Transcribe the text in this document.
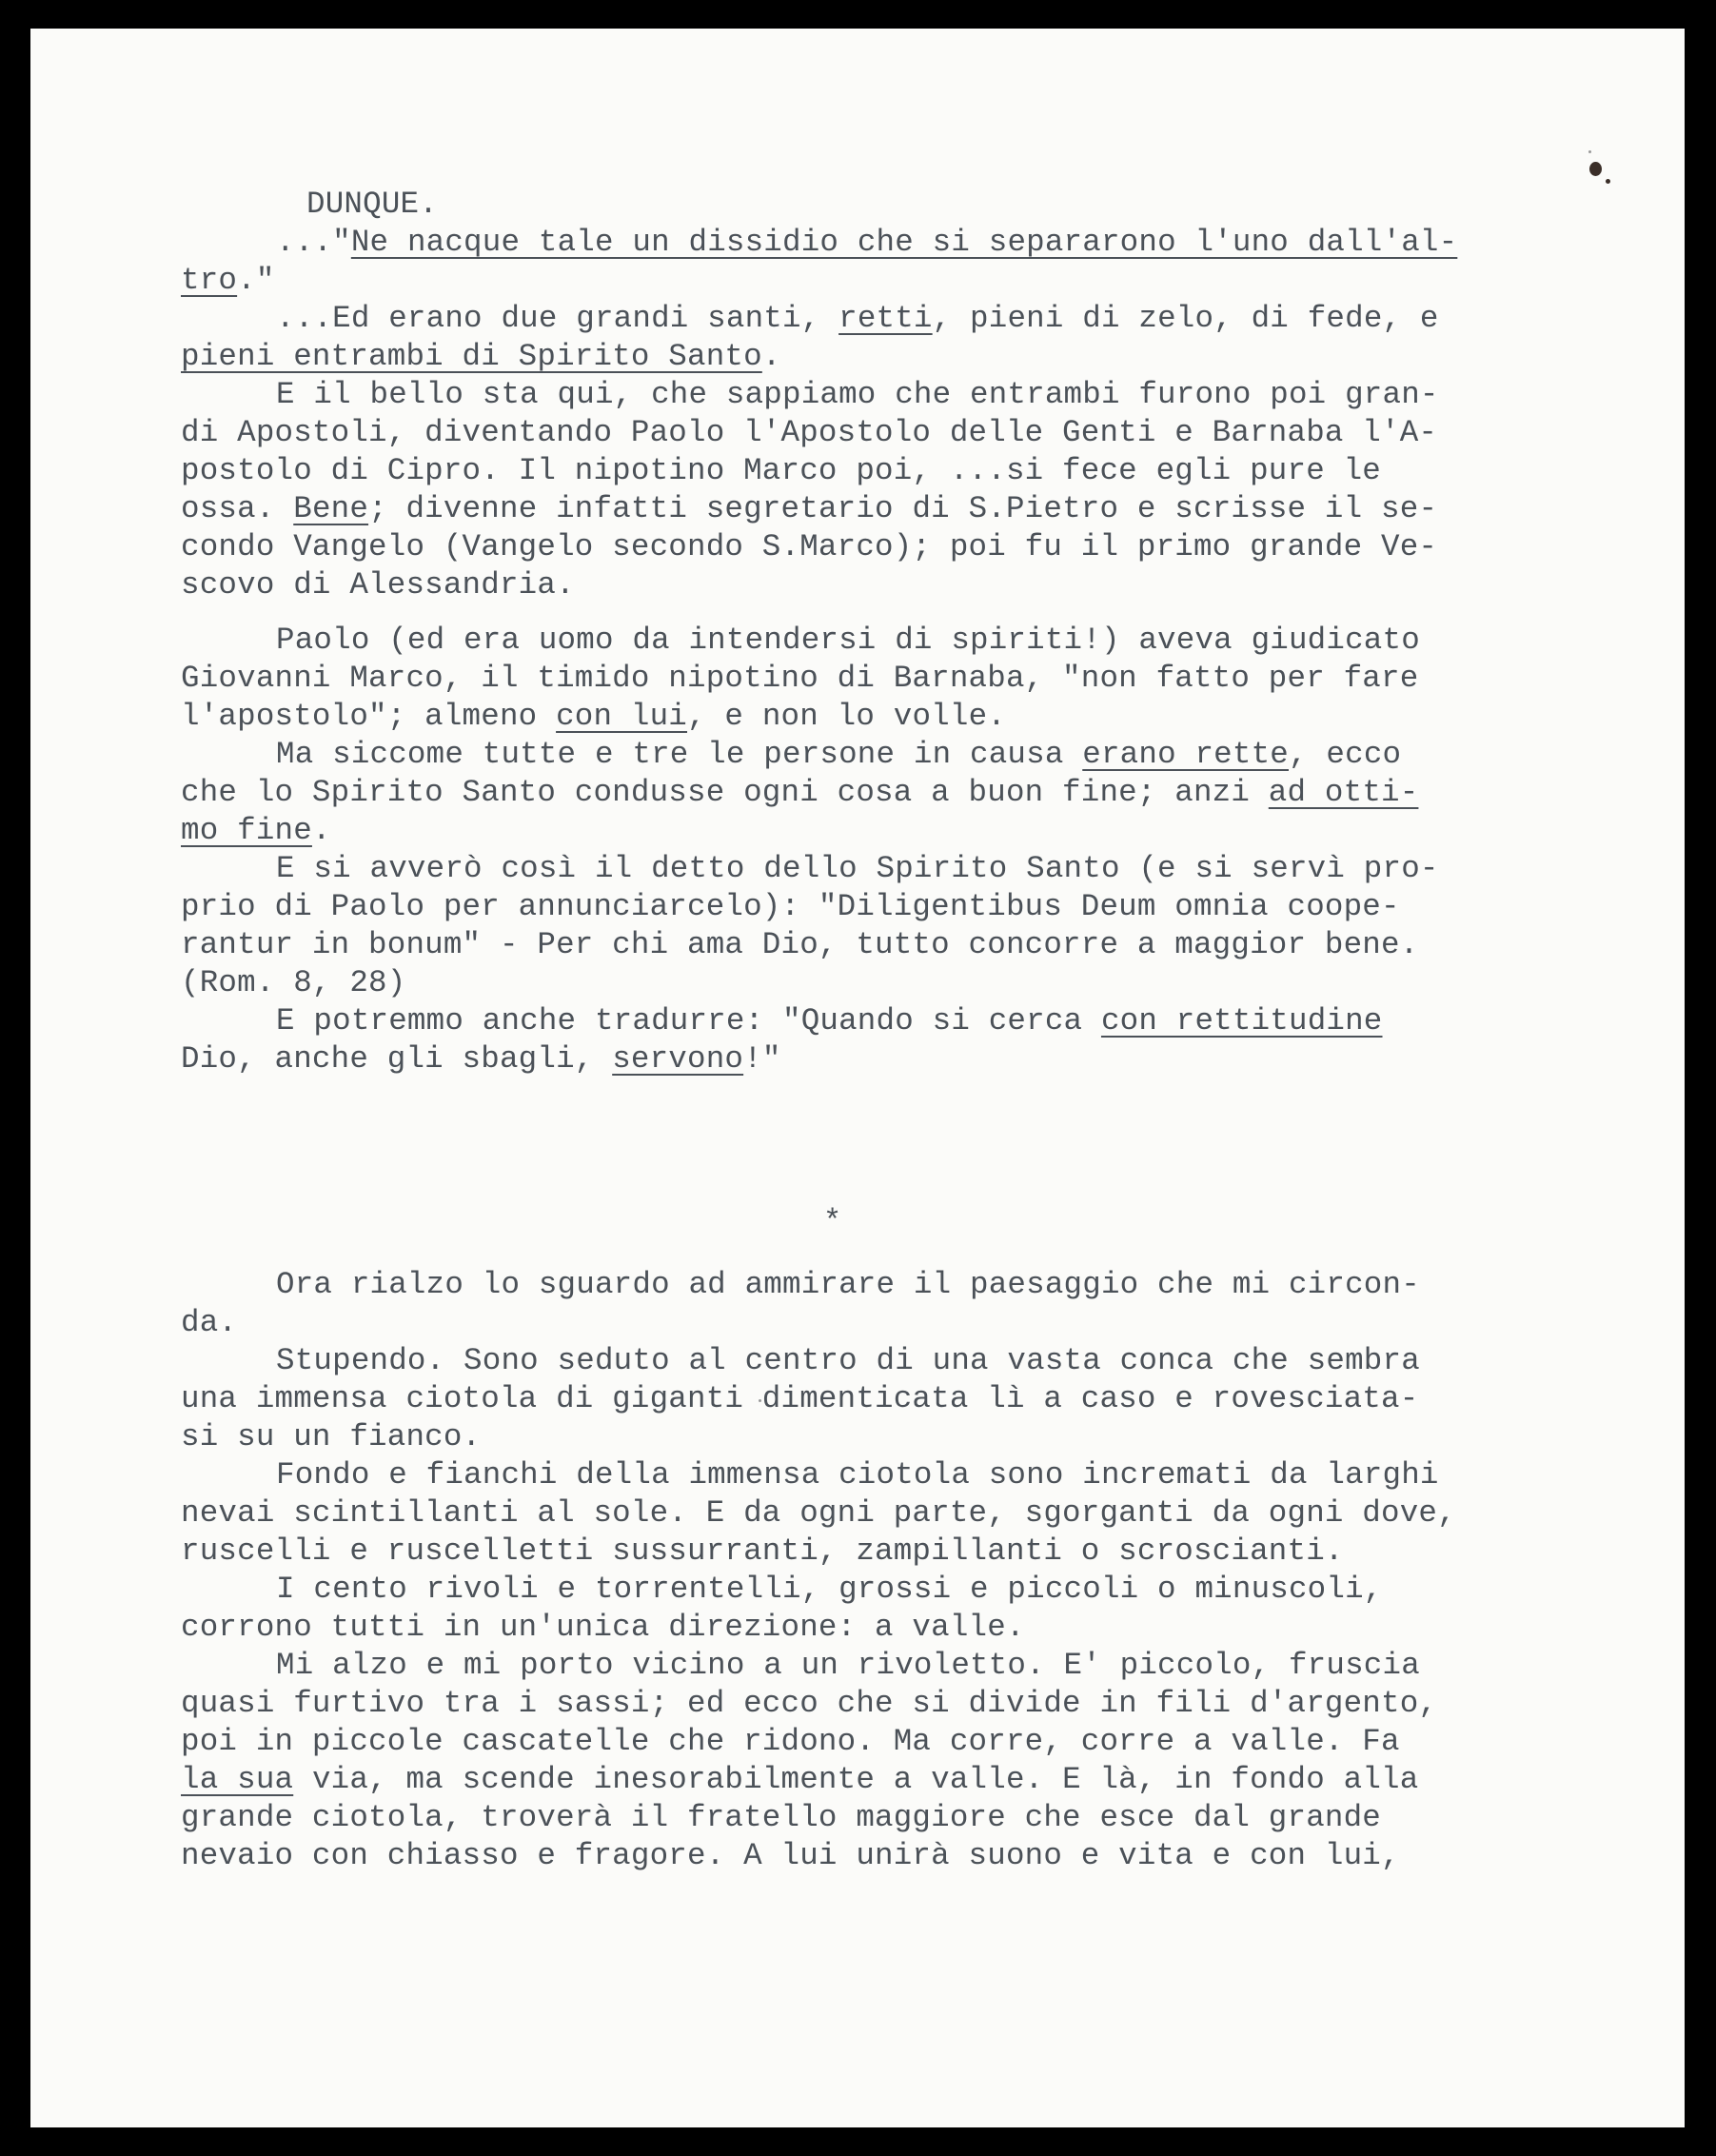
DUNQUE.
..."Ne nacque tale un dissidio che si separarono l'uno dall'al-
tro."
...Ed erano due grandi santi, retti, pieni di zelo, di fede, e
pieni entrambi di Spirito Santo.
E il bello sta qui, che sappiamo che entrambi furono poi gran-
di Apostoli, diventando Paolo l'Apostolo delle Genti e Barnaba l'A-
postolo di Cipro. Il nipotino Marco poi, ...si fece egli pure le
ossa. Bene; divenne infatti segretario di S.Pietro e scrisse il se-
condo Vangelo (Vangelo secondo S.Marco); poi fu il primo grande Ve-
scovo di Alessandria.
Paolo (ed era uomo da intendersi di spiriti!) aveva giudicato
Giovanni Marco, il timido nipotino di Barnaba, "non fatto per fare
l'apostolo"; almeno con lui, e non lo volle.
Ma siccome tutte e tre le persone in causa erano rette, ecco
che lo Spirito Santo condusse ogni cosa a buon fine; anzi ad otti-
mo fine.
E si avverò così il detto dello Spirito Santo (e si servì pro-
prio di Paolo per annunciarcelo): "Diligentibus Deum omnia coope-
rantur in bonum" - Per chi ama Dio, tutto concorre a maggior bene.
(Rom. 8, 28)
E potremmo anche tradurre: "Quando si cerca con rettitudine
Dio, anche gli sbagli, servono!"
Ora rialzo lo sguardo ad ammirare il paesaggio che mi circon-
da.
Stupendo. Sono seduto al centro di una vasta conca che sembra
una immensa ciotola di giganti dimenticata lì a caso e rovesciata-
si su un fianco.
Fondo e fianchi della immensa ciotola sono incremati da larghi
nevai scintillanti al sole. E da ogni parte, sgorganti da ogni dove,
ruscelli e ruscelletti sussurranti, zampillanti o scroscianti.
I cento rivoli e torrentelli, grossi e piccoli o minuscoli,
corrono tutti in un'unica direzione: a valle.
Mi alzo e mi porto vicino a un rivoletto. E' piccolo, fruscia
quasi furtivo tra i sassi; ed ecco che si divide in fili d'argento,
poi in piccole cascatelle che ridono. Ma corre, corre a valle. Fa
la sua via, ma scende inesorabilmente a valle. E là, in fondo alla
grande ciotola, troverà il fratello maggiore che esce dal grande
nevaio con chiasso e fragore. A lui unirà suono e vita e con lui,
*
